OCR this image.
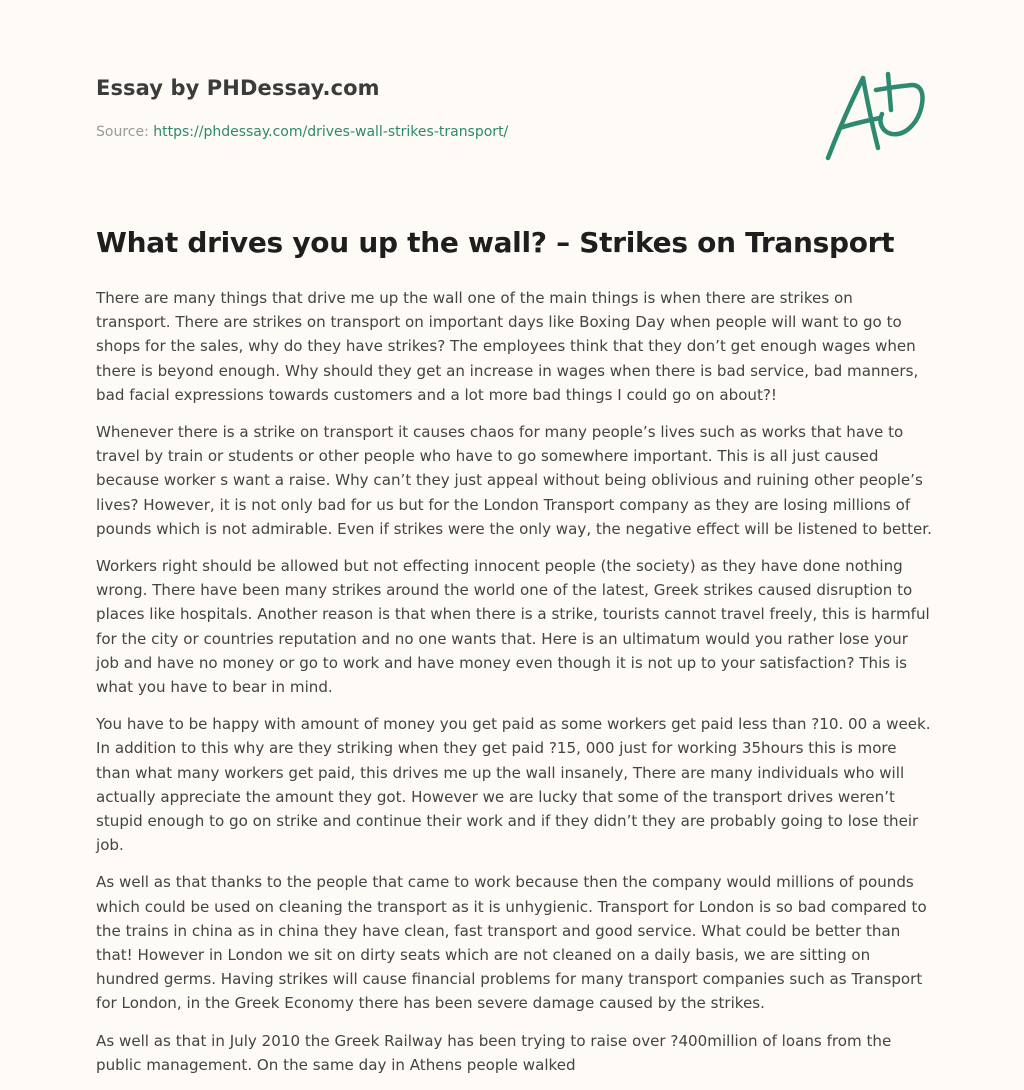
Essay by PHDessay.com
Source: https://phdessay.com/drives-wall-strikes-transport/
What drives you up the wall? – Strikes on Transport

There are many things that drive me up the wall one of the main things is when there are strikes on transport. There are strikes on transport on important days like Boxing Day when people will want to go to shops for the sales, why do they have strikes? The employees think that they don’t get enough wages when there is beyond enough. Why should they get an increase in wages when there is bad service, bad manners, bad facial expressions towards customers and a lot more bad things I could go on about?!

Whenever there is a strike on transport it causes chaos for many people’s lives such as works that have to travel by train or students or other people who have to go somewhere important. This is all just caused because worker s want a raise. Why can’t they just appeal without being oblivious and ruining other people’s lives? However, it is not only bad for us but for the London Transport company as they are losing millions of pounds which is not admirable. Even if strikes were the only way, the negative effect will be listened to better.

Workers right should be allowed but not effecting innocent people (the society) as they have done nothing wrong. There have been many strikes around the world one of the latest, Greek strikes caused disruption to places like hospitals. Another reason is that when there is a strike, tourists cannot travel freely, this is harmful for the city or countries reputation and no one wants that. Here is an ultimatum would you rather lose your job and have no money or go to work and have money even though it is not up to your satisfaction? This is what you have to bear in mind.

You have to be happy with amount of money you get paid as some workers get paid less than ?10. 00 a week. In addition to this why are they striking when they get paid ?15, 000 just for working 35hours this is more than what many workers get paid, this drives me up the wall insanely, There are many individuals who will actually appreciate the amount they got. However we are lucky that some of the transport drives weren’t stupid enough to go on strike and continue their work and if they didn’t they are probably going to lose their job.

As well as that thanks to the people that came to work because then the company would millions of pounds which could be used on cleaning the transport as it is unhygienic. Transport for London is so bad compared to the trains in china as in china they have clean, fast transport and good service. What could be better than that! However in London we sit on dirty seats which are not cleaned on a daily basis, we are sitting on hundred germs. Having strikes will cause financial problems for many transport companies such as Transport for London, in the Greek Economy there has been severe damage caused by the strikes.

As well as that in July 2010 the Greek Railway has been trying to raise over ?400million of loans from the public management. On the same day in Athens people walked
